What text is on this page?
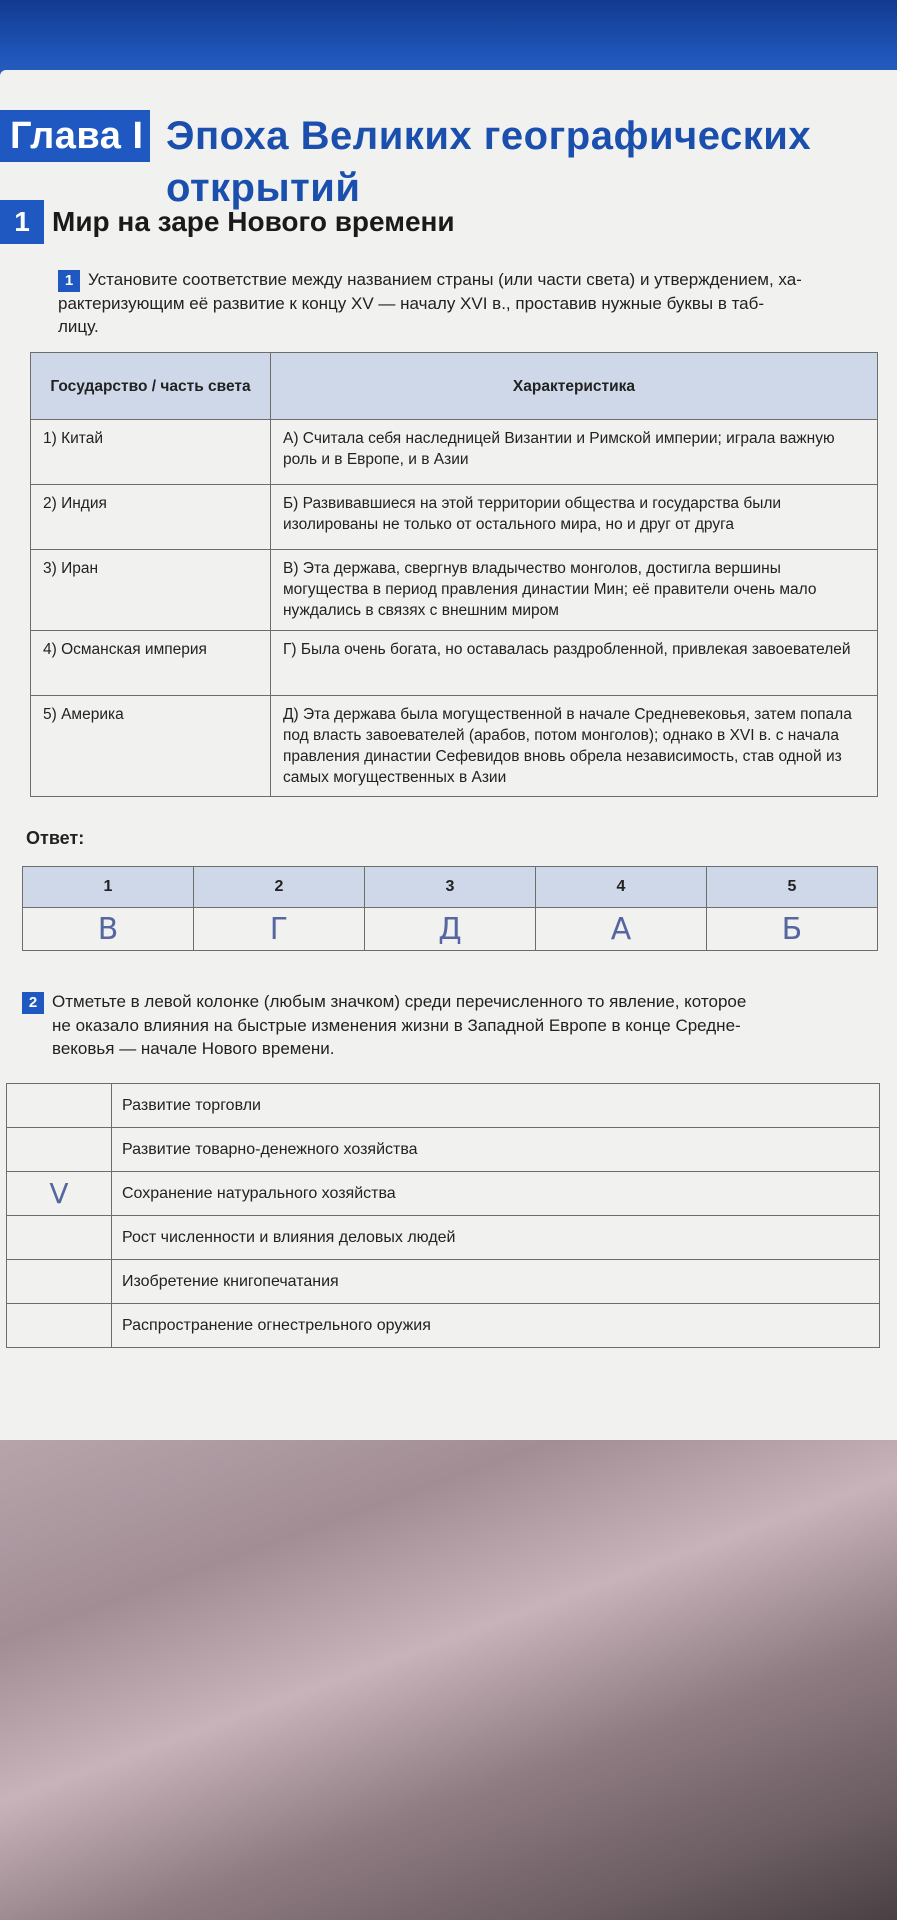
Глава I Эпоха Великих географических открытий
1 Мир на заре Нового времени
1 Установите соответствие между названием страны (или части света) и утверждением, ха-
рактеризующим её развитие к концу XV — началу XVI в., проставив нужные буквы в таб-
лицу.
Государство / часть света	Характеристика
1) Китай	А) Считала себя наследницей Византии и Римской империи; играла важную роль и в Европе, и в Азии
2) Индия	Б) Развивавшиеся на этой территории общества и государства были изолированы не только от остального мира, но и друг от друга
3) Иран	В) Эта держава, свергнув владычество монголов, достигла вершины могущества в период правления династии Мин; её правители очень мало нуждались в связях с внешним миром
4) Османская империя	Г) Была очень богата, но оставалась раздробленной, привлекая завоевателей
5) Америка	Д) Эта держава была могущественной в начале Средневековья, затем попала под власть завоевателей (арабов, потом монголов); однако в XVI в. с начала правления династии Сефевидов вновь обрела независимость, став одной из самых могущественных в Азии
Ответ:
1	2	3	4	5
В	Г	Д	А	Б
2 Отметьте в левой колонке (любым значком) среди перечисленного то явление, которое
не оказало влияния на быстрые изменения жизни в Западной Европе в конце Средне-
вековья — начале Нового времени.
	Развитие торговли
	Развитие товарно-денежного хозяйства
V	Сохранение натурального хозяйства
	Рост численности и влияния деловых людей
	Изобретение книгопечатания
	Распространение огнестрельного оружия
